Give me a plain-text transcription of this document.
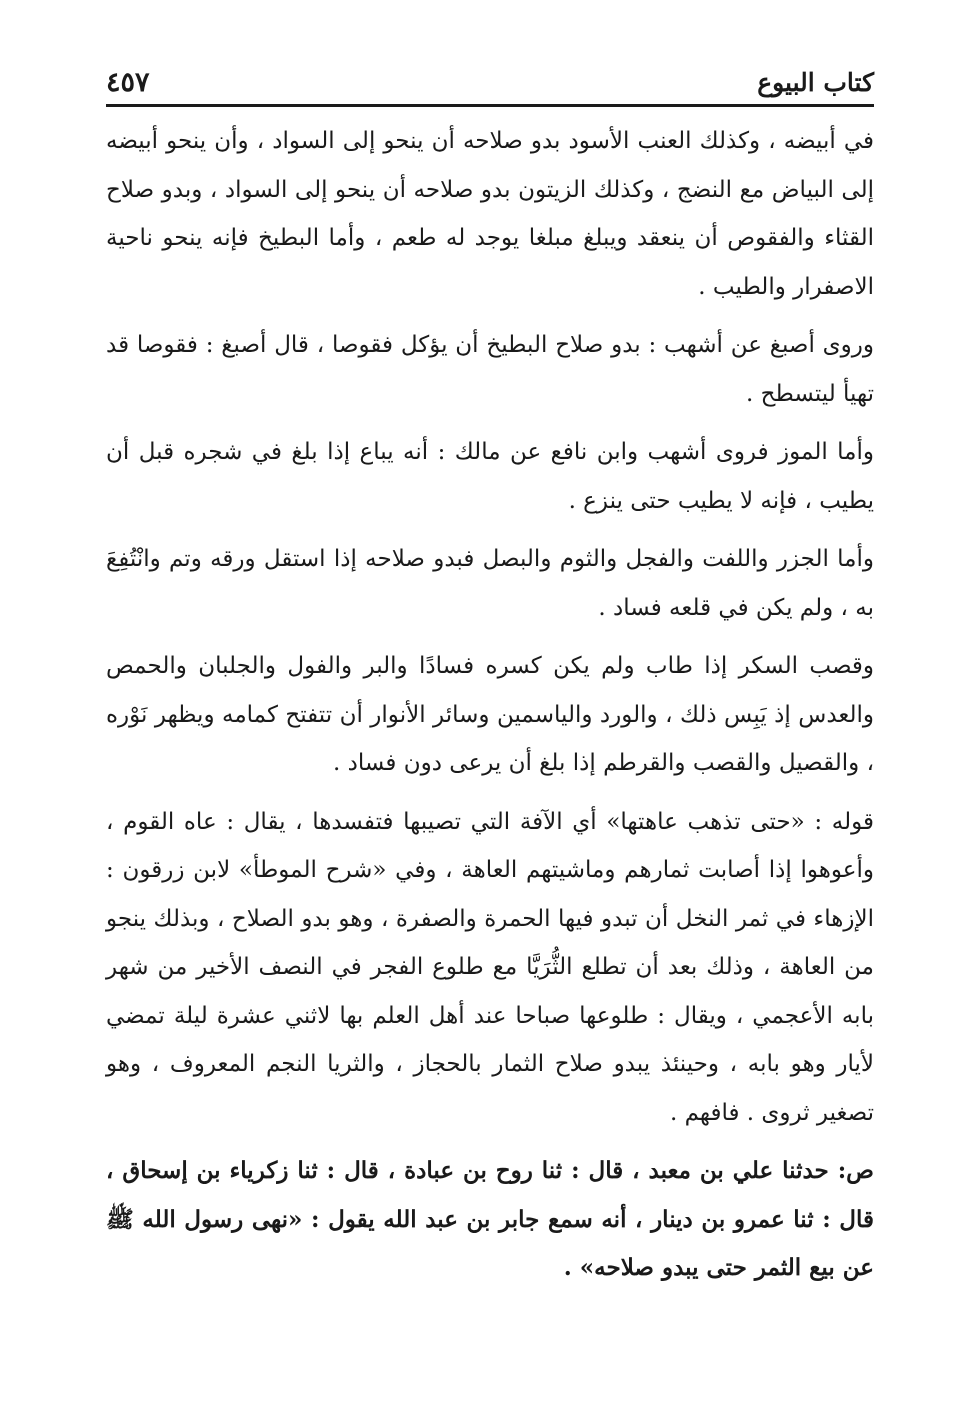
٤٥٧	كتاب البيوع

في أبيضه ، وكذلك العنب الأسود بدو صلاحه أن ينحو إلى السواد ، وأن ينحو أبيضه إلى البياض مع النضج ، وكذلك الزيتون بدو صلاحه أن ينحو إلى السواد ، وبدو صلاح القثاء والفقوص أن ينعقد ويبلغ مبلغا يوجد له طعم ، وأما البطيخ فإنه ينحو ناحية الاصفرار والطيب .

وروى أصبغ عن أشهب : بدو صلاح البطيخ أن يؤكل فقوصا ، قال أصبغ : فقوصا قد تهيأ ليتسطح .

وأما الموز فروى أشهب وابن نافع عن مالك : أنه يباع إذا بلغ في شجره قبل أن يطيب ، فإنه لا يطيب حتى ينزع .

وأما الجزر واللفت والفجل والثوم والبصل فبدو صلاحه إذا استقل ورقه وتم وانْتُفِعَ به ، ولم يكن في قلعه فساد .

وقصب السكر إذا طاب ولم يكن كسره فسادًا والبر والفول والجلبان والحمص والعدس إذ يَبِس ذلك ، والورد والياسمين وسائر الأنوار أن تتفتح كمامه ويظهر نَوْره ، والقصيل والقصب والقرطم إذا بلغ أن يرعى دون فساد .

قوله : «حتى تذهب عاهتها» أي الآفة التي تصيبها فتفسدها ، يقال : عاه القوم ، وأعوهوا إذا أصابت ثمارهم وماشيتهم العاهة ، وفي «شرح الموطأ» لابن زرقون : الإزهاء في ثمر النخل أن تبدو فيها الحمرة والصفرة ، وهو بدو الصلاح ، وبذلك ينجو من العاهة ، وذلك بعد أن تطلع الثُّرَيَّا مع طلوع الفجر في النصف الأخير من شهر بابه الأعجمي ، ويقال : طلوعها صباحا عند أهل العلم بها لاثني عشرة ليلة تمضي لأيار وهو بابه ، وحينئذ يبدو صلاح الثمار بالحجاز ، والثريا النجم المعروف ، وهو تصغير ثروى . فافهم .

ص: حدثنا علي بن معبد ، قال : ثنا روح بن عبادة ، قال : ثنا زكرياء بن إسحاق ، قال : ثنا عمرو بن دينار ، أنه سمع جابر بن عبد الله يقول : «نهى رسول الله ﷺ عن بيع الثمر حتى يبدو صلاحه» .
